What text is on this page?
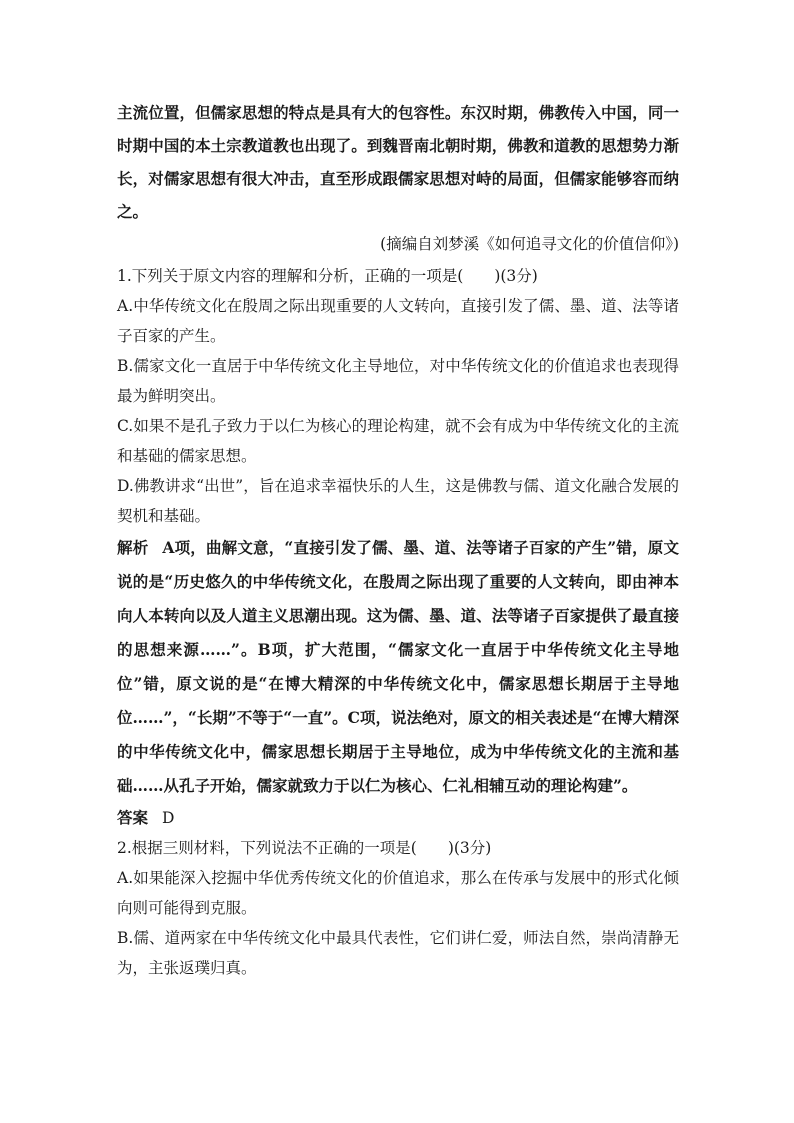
主流位置，但儒家思想的特点是具有大的包容性。东汉时期，佛教传入中国，同一时期中国的本土宗教道教也出现了。到魏晋南北朝时期，佛教和道教的思想势力渐长，对儒家思想有很大冲击，直至形成跟儒家思想对峙的局面，但儒家能够容而纳之。

(摘编自刘梦溪《如何追寻文化的价值信仰》)

1.下列关于原文内容的理解和分析，正确的一项是(　　)(3分)

A.中华传统文化在殷周之际出现重要的人文转向，直接引发了儒、墨、道、法等诸子百家的产生。

B.儒家文化一直居于中华传统文化主导地位，对中华传统文化的价值追求也表现得最为鲜明突出。

C.如果不是孔子致力于以仁为核心的理论构建，就不会有成为中华传统文化的主流和基础的儒家思想。

D.佛教讲求“出世”，旨在追求幸福快乐的人生，这是佛教与儒、道文化融合发展的契机和基础。

解析 A项，曲解文意，“直接引发了儒、墨、道、法等诸子百家的产生”错，原文说的是“历史悠久的中华传统文化，在殷周之际出现了重要的人文转向，即由神本向人本转向以及人道主义思潮出现。这为儒、墨、道、法等诸子百家提供了最直接的思想来源……”。B项，扩大范围，“儒家文化一直居于中华传统文化主导地位”错，原文说的是“在博大精深的中华传统文化中，儒家思想长期居于主导地位……”，“长期”不等于“一直”。C项，说法绝对，原文的相关表述是“在博大精深的中华传统文化中，儒家思想长期居于主导地位，成为中华传统文化的主流和基础……从孔子开始，儒家就致力于以仁为核心、仁礼相辅互动的理论构建”。

答案 D

2.根据三则材料，下列说法不正确的一项是(　　)(3分)

A.如果能深入挖掘中华优秀传统文化的价值追求，那么在传承与发展中的形式化倾向则可能得到克服。

B.儒、道两家在中华传统文化中最具代表性，它们讲仁爱，师法自然，崇尚清静无为，主张返璞归真。
